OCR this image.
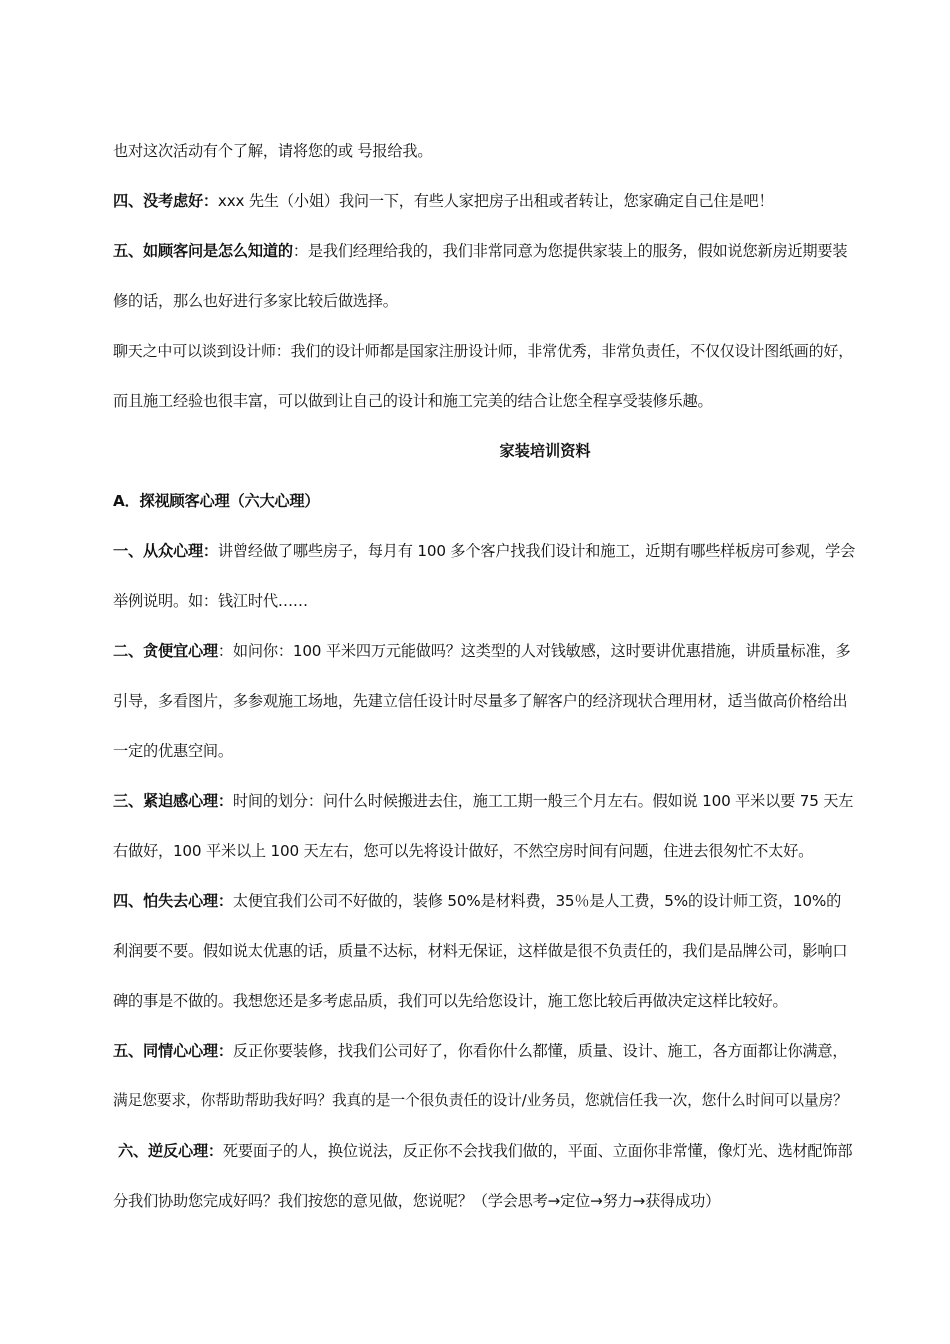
也对这次活动有个了解，请将您的或 号报给我。
四、没考虑好：xxx 先生（小姐）我问一下，有些人家把房子出租或者转让，您家确定自己住是吧！
五、如顾客问是怎么知道的：是我们经理给我的，我们非常同意为您提供家装上的服务，假如说您新房近期要装
修的话，那么也好进行多家比较后做选择。
聊天之中可以谈到设计师：我们的设计师都是国家注册设计师，非常优秀，非常负责任，不仅仅设计图纸画的好，
而且施工经验也很丰富，可以做到让自己的设计和施工完美的结合让您全程享受装修乐趣。
家装培训资料
A．探视顾客心理（六大心理）
一、从众心理：讲曾经做了哪些房子，每月有 100 多个客户找我们设计和施工，近期有哪些样板房可参观，学会
举例说明。如：钱江时代……
二、贪便宜心理：如问你：100 平米四万元能做吗？这类型的人对钱敏感，这时要讲优惠措施，讲质量标准，多
引导，多看图片，多参观施工场地，先建立信任设计时尽量多了解客户的经济现状合理用材，适当做高价格给出
一定的优惠空间。
三、紧迫感心理：时间的划分：问什么时候搬进去住，施工工期一般三个月左右。假如说 100 平米以要 75 天左
右做好，100 平米以上 100 天左右，您可以先将设计做好，不然空房时间有问题，住进去很匆忙不太好。
四、怕失去心理：太便宜我们公司不好做的，装修 50%是材料费，35％是人工费，5%的设计师工资，10%的
利润要不要。假如说太优惠的话，质量不达标，材料无保证，这样做是很不负责任的，我们是品牌公司，影响口
碑的事是不做的。我想您还是多考虑品质，我们可以先给您设计，施工您比较后再做决定这样比较好。
五、同情心心理：反正你要装修，找我们公司好了，你看你什么都懂，质量、设计、施工，各方面都让你满意，
满足您要求，你帮助帮助我好吗？我真的是一个很负责任的设计/业务员，您就信任我一次，您什么时间可以量房？
六、逆反心理：死要面子的人，换位说法，反正你不会找我们做的，平面、立面你非常懂，像灯光、选材配饰部
分我们协助您完成好吗？我们按您的意见做，您说呢？（学会思考→定位→努力→获得成功）
